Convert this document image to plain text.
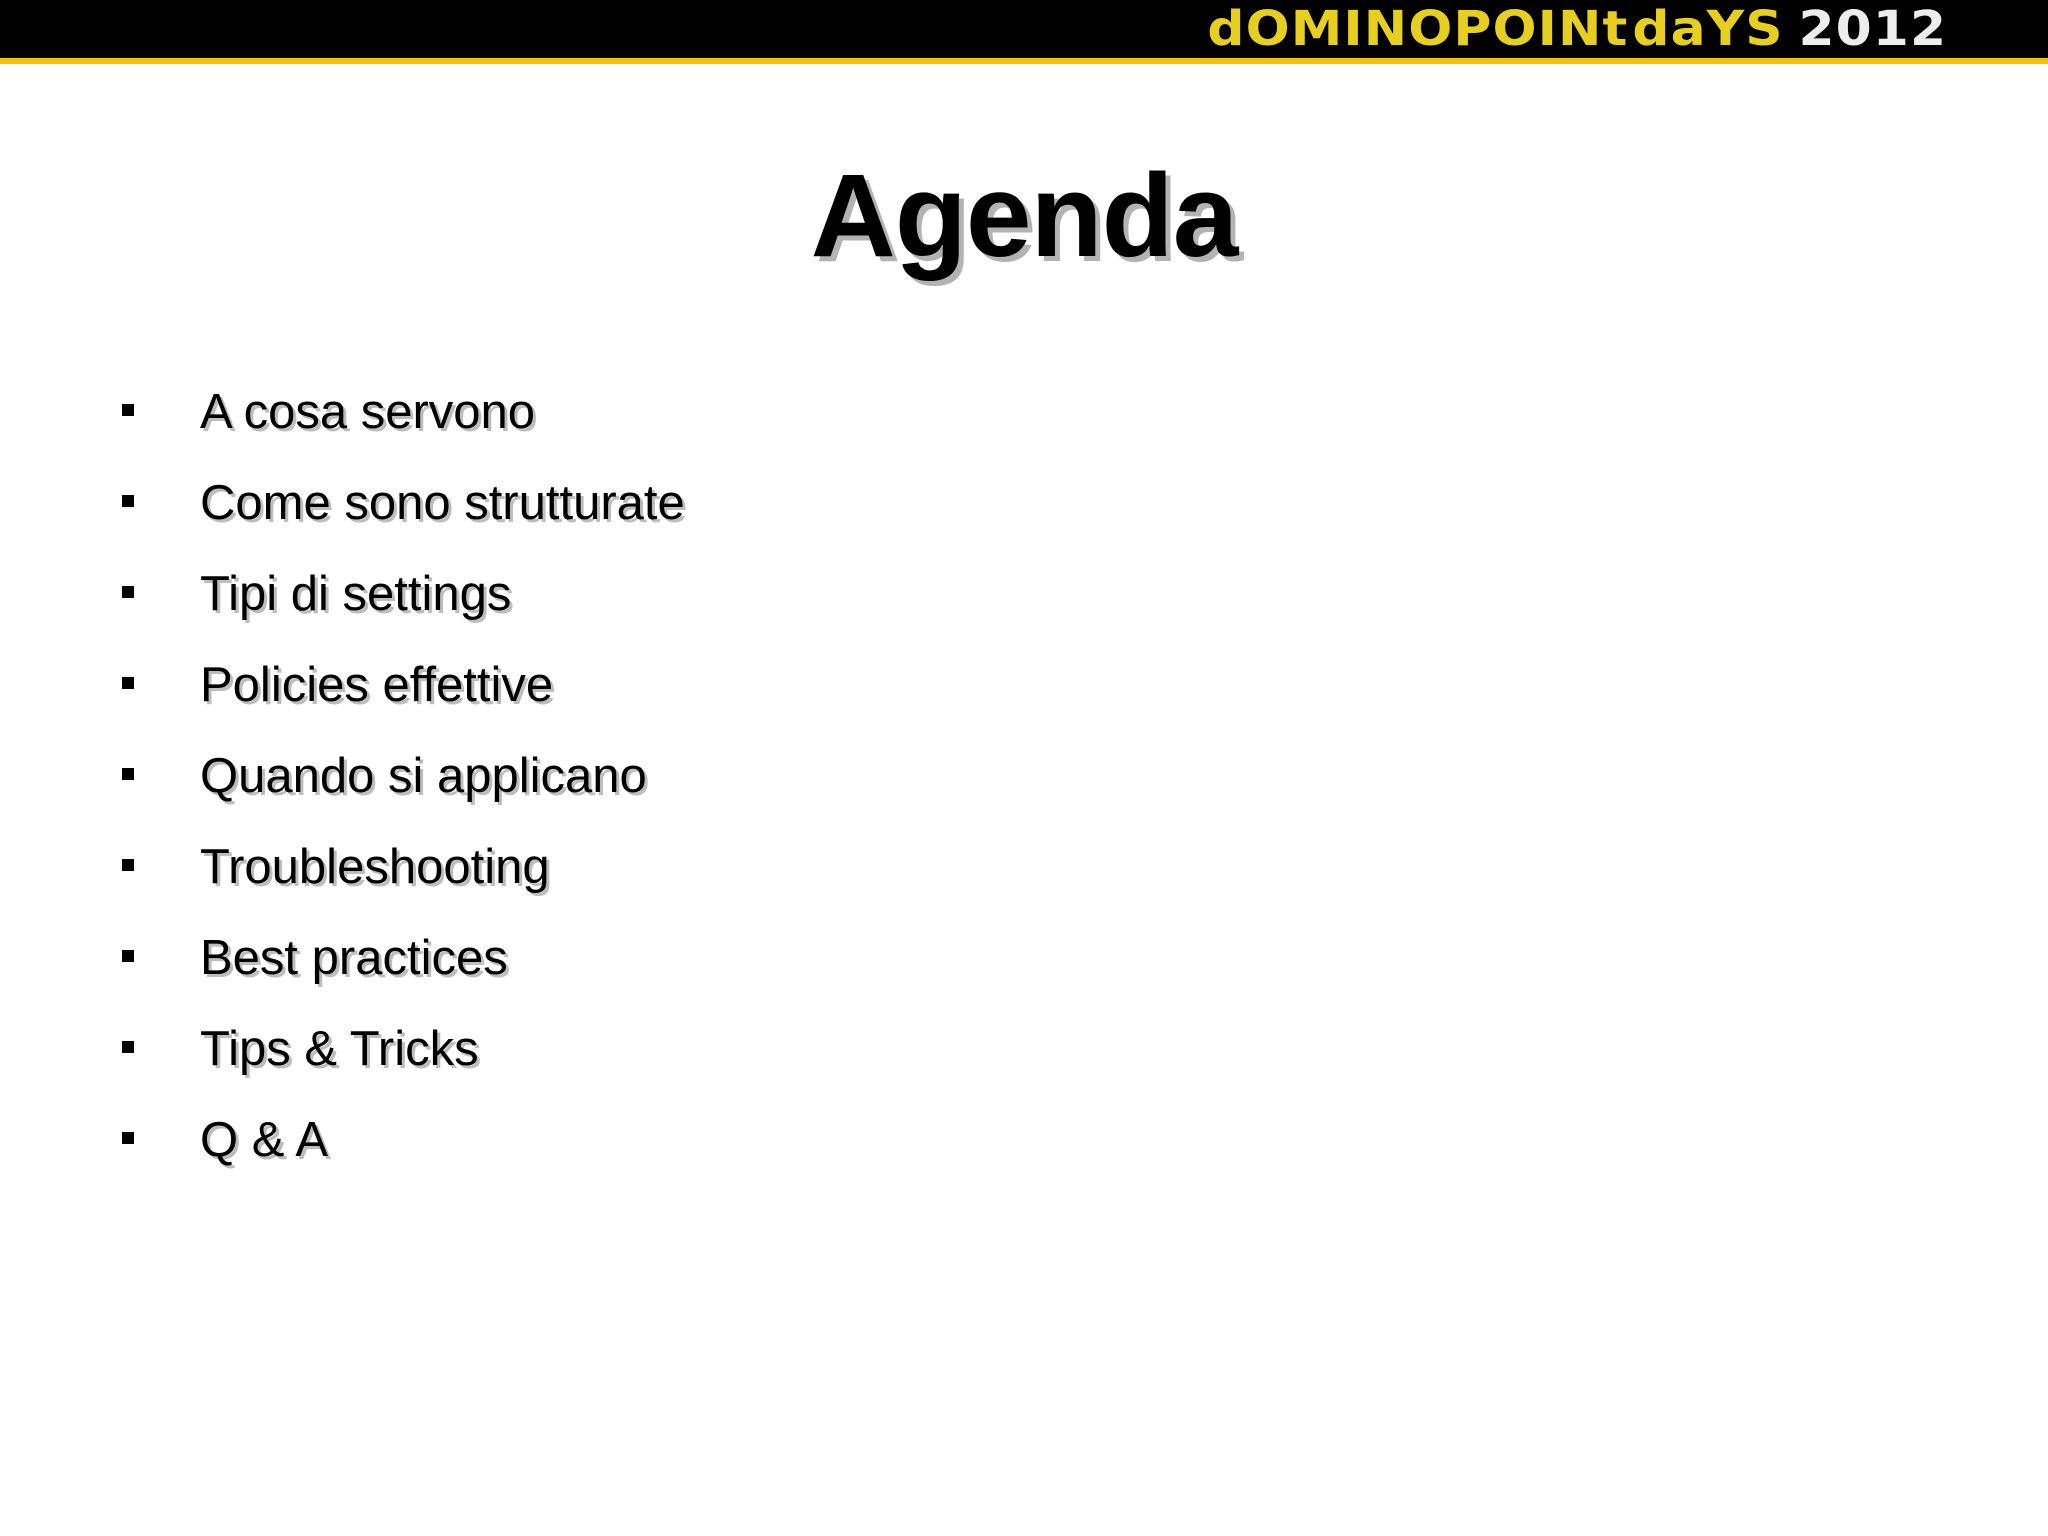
dOMINOPOINt daYS 2012
Agenda
A cosa servono
Come sono strutturate
Tipi di settings
Policies effettive
Quando si applicano
Troubleshooting
Best practices
Tips & Tricks
Q & A
